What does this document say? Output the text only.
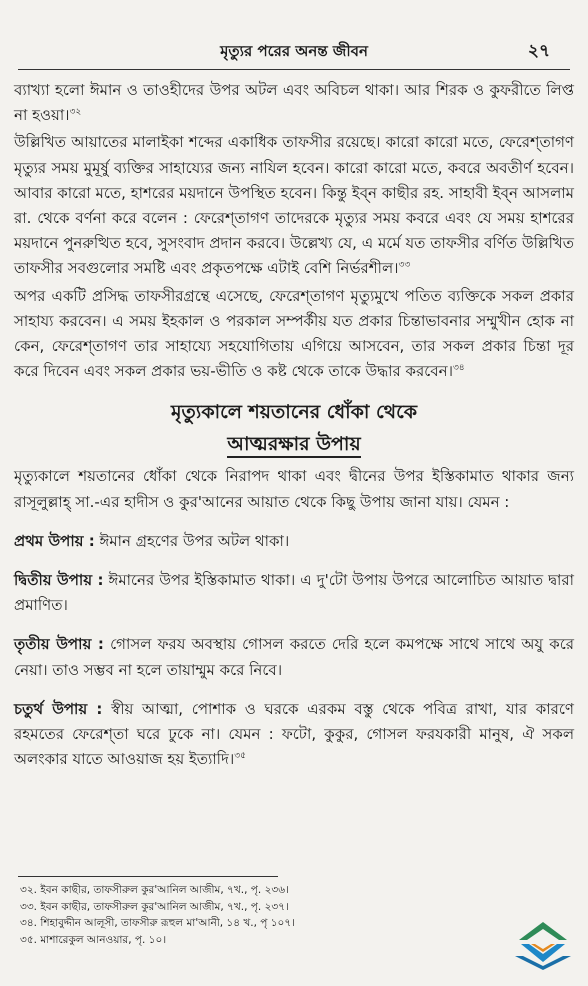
মৃত্যুর পরের অনন্ত জীবন	২৭

ব্যাখ্যা হলো ঈমান ও তাওহীদের উপর অটল এবং অবিচল থাকা। আর শিরক ও কুফরীতে লিপ্ত না হওয়া।$^{৩২}$

উল্লিখিত আয়াতের মালাইকা শব্দের একাধিক তাফসীর রয়েছে। কারো কারো মতে, ফেরেশ্‌তাগণ মৃত্যুর সময় মুমূর্ষু ব্যক্তির সাহায্যের জন্য নাযিল হবেন। কারো কারো মতে, কবরে অবতীর্ণ হবেন। আবার কারো মতে, হাশরের ময়দানে উপস্থিত হবেন। কিন্তু ইব্‌ন কাছীর রহ. সাহাবী ইব্‌ন আসলাম রা. থেকে বর্ণনা করে বলেন : ফেরেশ্‌তাগণ তাদেরকে মৃত্যুর সময় কবরে এবং যে সময় হাশরের ময়দানে পুনরুত্থিত হবে, সুসংবাদ প্রদান করবে। উল্লেখ্য যে, এ মর্মে যত তাফসীর বর্ণিত উল্লিখিত তাফসীর সবগুলোর সমষ্টি এবং প্রকৃতপক্ষে এটাই বেশি নির্ভরশীল।$^{৩৩}$

অপর একটি প্রসিদ্ধ তাফসীরগ্রন্থে এসেছে, ফেরেশ্‌তাগণ মৃত্যুমুখে পতিত ব্যক্তিকে সকল প্রকার সাহায্য করবেন। এ সময় ইহকাল ও পরকাল সম্পর্কীয় যত প্রকার চিন্তাভাবনার সম্মুখীন হোক না কেন, ফেরেশ্‌তাগণ তার সাহায্যে সহযোগিতায় এগিয়ে আসবেন, তার সকল প্রকার চিন্তা দূর করে দিবেন এবং সকল প্রকার ভয়-ভীতি ও কষ্ট থেকে তাকে উদ্ধার করবেন।$^{৩৪}$

মৃত্যুকালে শয়তানের ধোঁকা থেকে
আত্মরক্ষার উপায়

মৃত্যুকালে শয়তানের ধোঁকা থেকে নিরাপদ থাকা এবং দ্বীনের উপর ইস্তিকামাত থাকার জন্য রাসূলুল্লাহ্‌ সা.-এর হাদীস ও কুর'আনের আয়াত থেকে কিছু উপায় জানা যায়। যেমন :

প্রথম উপায় : ঈমান গ্রহণের উপর অটল থাকা।

দ্বিতীয় উপায় : ঈমানের উপর ইস্তিকামাত থাকা। এ দু'টো উপায় উপরে আলোচিত আয়াত দ্বারা প্রমাণিত।

তৃতীয় উপায় : গোসল ফরয অবস্থায় গোসল করতে দেরি হলে কমপক্ষে সাথে সাথে অযু করে নেয়া। তাও সম্ভব না হলে তায়াম্মুম করে নিবে।

চতুর্থ উপায় : স্বীয় আত্মা, পোশাক ও ঘরকে এরকম বস্তু থেকে পবিত্র রাখা, যার কারণে রহমতের ফেরেশ্‌তা ঘরে ঢুকে না। যেমন : ফটো, কুকুর, গোসল ফরযকারী মানুষ, ঐ সকল অলংকার যাতে আওয়াজ হয় ইত্যাদি।$^{৩৫}$

৩২. ইবন কাছীর, তাফসীরুল কুর'আনিল আজীম, ৭খ., পৃ. ২৩৬।
৩৩. ইবন কাছীর, তাফসীরুল কুর'আনিল আজীম, ৭খ., পৃ. ২৩৭।
৩৪. শিহাবুদ্দীন আলূসী, তাফসীরু রূহুল মা'আনী, ১৪ খ., পৃ ১০৭।
৩৫. মাশারেকুল আনওয়ার, পৃ. ১০।
